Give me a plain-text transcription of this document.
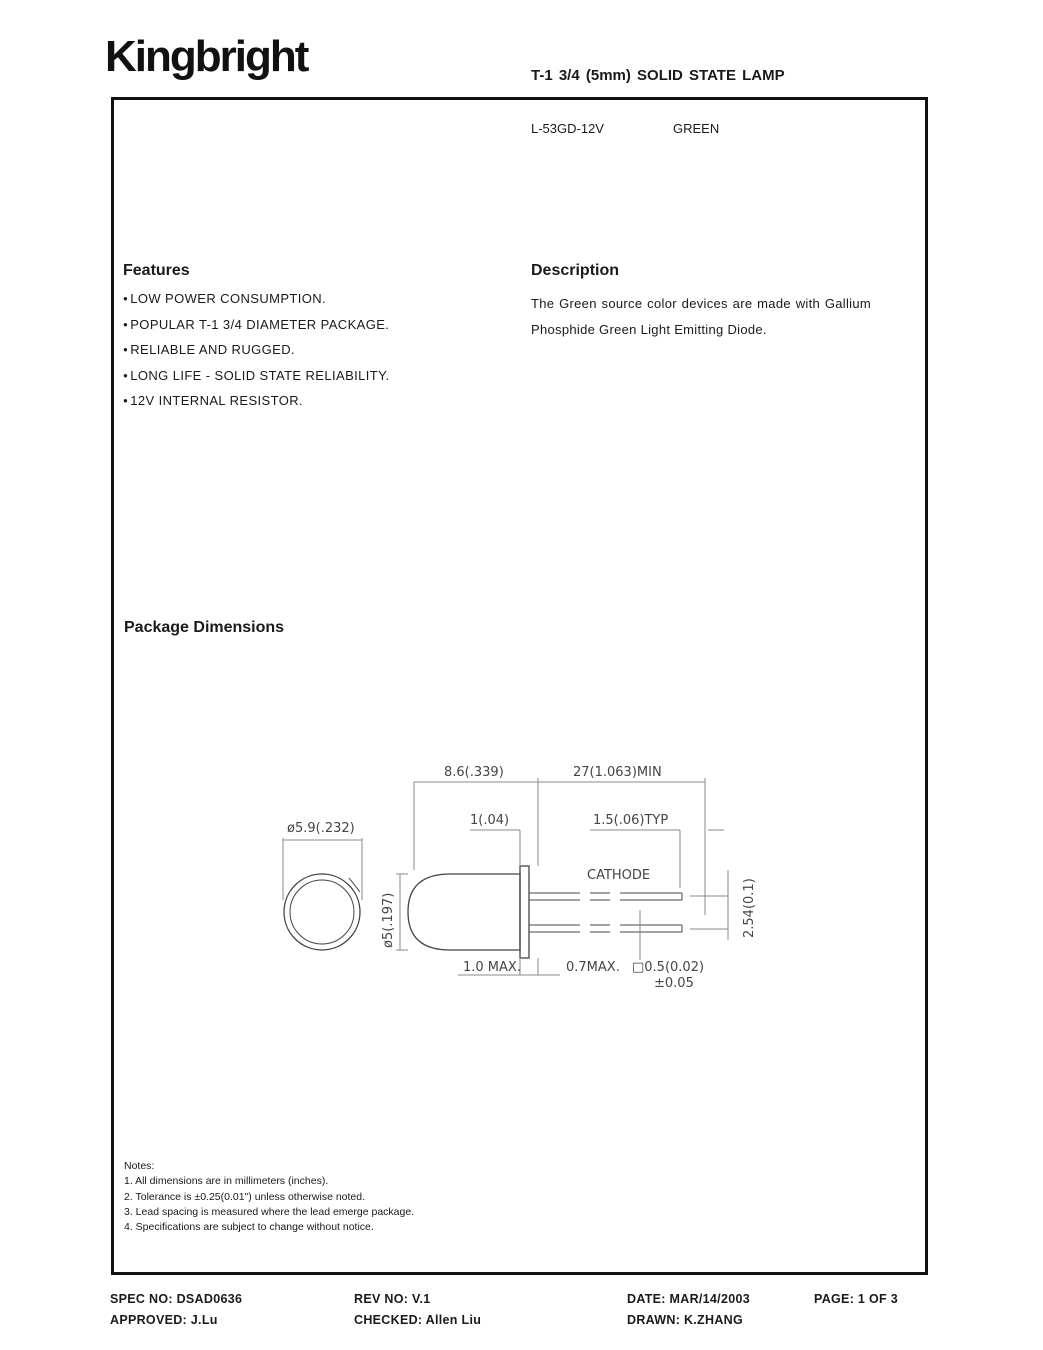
Kingbright	T-1 3/4 (5mm) SOLID STATE LAMP
L-53GD-12V	GREEN
Features
● LOW POWER CONSUMPTION.
● POPULAR T-1 3/4 DIAMETER PACKAGE.
● RELIABLE AND RUGGED.
● LONG LIFE - SOLID STATE RELIABILITY.
● 12V INTERNAL RESISTOR.
Description
The Green source color devices are made with Gallium Phosphide Green Light Emitting Diode.
Package Dimensions
ø5.9(.232)
8.6(.339)	27(1.063)MIN
1(.04)	1.5(.06)TYP
CATHODE
ø5(.197)	2.54(0.1)
1.0 MAX.	0.7MAX. □0.5(0.02)
±0.05
Notes:
1. All dimensions are in millimeters (inches).
2. Tolerance is ±0.25(0.01") unless otherwise noted.
3. Lead spacing is measured where the lead emerge package.
4. Specifications are subject to change without notice.
SPEC NO: DSAD0636	REV NO: V.1	DATE: MAR/14/2003	PAGE: 1 OF 3
APPROVED: J.Lu	CHECKED: Allen Liu	DRAWN: K.ZHANG
